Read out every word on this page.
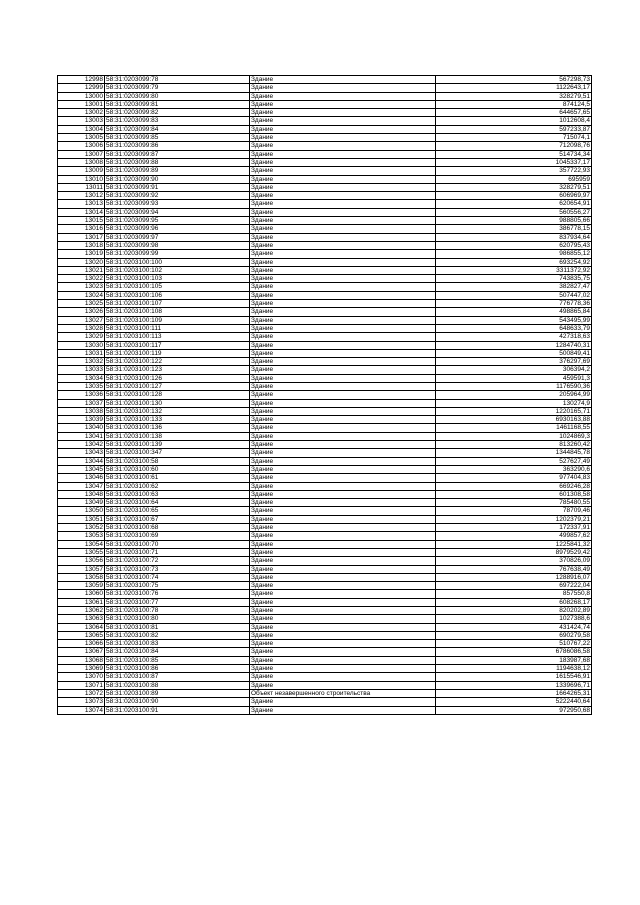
12998	58:31:0203099:78	Здание	567298,73
12999	58:31:0203099:79	Здание	1122643,17
13000	58:31:0203099:80	Здание	328279,51
13001	58:31:0203099:81	Здание	874124,5
13002	58:31:0203099:82	Здание	644657,65
13003	58:31:0203099:83	Здание	1012608,4
13004	58:31:0203099:84	Здание	597233,87
13005	58:31:0203099:85	Здание	715074,1
13006	58:31:0203099:86	Здание	712098,76
13007	58:31:0203099:87	Здание	514734,34
13008	58:31:0203099:88	Здание	1045337,17
13009	58:31:0203099:89	Здание	357722,93
13010	58:31:0203099:90	Здание	695959
13011	58:31:0203099:91	Здание	328279,51
13012	58:31:0203099:92	Здание	606969,97
13013	58:31:0203099:93	Здание	620654,91
13014	58:31:0203099:94	Здание	560556,27
13015	58:31:0203099:95	Здание	988805,66
13016	58:31:0203099:96	Здание	386778,15
13017	58:31:0203099:97	Здание	837934,64
13018	58:31:0203099:98	Здание	620795,43
13019	58:31:0203099:99	Здание	986855,12
13020	58:31:0203100:100	Здание	693254,92
13021	58:31:0203100:102	Здание	3311372,92
13022	58:31:0203100:103	Здание	743835,75
13023	58:31:0203100:105	Здание	382827,47
13024	58:31:0203100:106	Здание	507447,02
13025	58:31:0203100:107	Здание	776778,36
13026	58:31:0203100:108	Здание	498865,84
13027	58:31:0203100:109	Здание	543495,99
13028	58:31:0203100:111	Здание	648633,79
13029	58:31:0203100:113	Здание	427318,63
13030	58:31:0203100:117	Здание	1284740,31
13031	58:31:0203100:119	Здание	500849,41
13032	58:31:0203100:122	Здание	376297,69
13033	58:31:0203100:123	Здание	306394,2
13034	58:31:0203100:126	Здание	459591,3
13035	58:31:0203100:127	Здание	1176590,36
13036	58:31:0203100:128	Здание	205964,99
13037	58:31:0203100:130	Здание	130274,9
13038	58:31:0203100:132	Здание	1220165,71
13039	58:31:0203100:133	Здание	6930163,88
13040	58:31:0203100:136	Здание	1461168,55
13041	58:31:0203100:138	Здание	1024869,3
13042	58:31:0203100:139	Здание	813260,42
13043	58:31:0203100:347	Здание	1344845,78
13044	58:31:0203100:58	Здание	527627,49
13045	58:31:0203100:60	Здание	363290,6
13046	58:31:0203100:61	Здание	977404,83
13047	58:31:0203100:62	Здание	669246,28
13048	58:31:0203100:63	Здание	601308,58
13049	58:31:0203100:64	Здание	785480,55
13050	58:31:0203100:65	Здание	78709,46
13051	58:31:0203100:67	Здание	1202379,21
13052	58:31:0203100:68	Здание	172337,91
13053	58:31:0203100:69	Здание	499857,62
13054	58:31:0203100:70	Здание	1225841,32
13055	58:31:0203100:71	Здание	8979529,42
13056	58:31:0203100:72	Здание	370826,09
13057	58:31:0203100:73	Здание	767638,49
13058	58:31:0203100:74	Здание	1288916,07
13059	58:31:0203100:75	Здание	697222,04
13060	58:31:0203100:76	Здание	857550,8
13061	58:31:0203100:77	Здание	608268,17
13062	58:31:0203100:78	Здание	820202,89
13063	58:31:0203100:80	Здание	1027388,6
13064	58:31:0203100:81	Здание	431424,74
13065	58:31:0203100:82	Здание	690279,58
13066	58:31:0203100:83	Здание	510767,22
13067	58:31:0203100:84	Здание	6786086,58
13068	58:31:0203100:85	Здание	183987,68
13069	58:31:0203100:86	Здание	1194638,12
13070	58:31:0203100:87	Здание	1615546,91
13071	58:31:0203100:88	Здание	1339696,71
13072	58:31:0203100:89	Объект незавершенного строительства	1664265,31
13073	58:31:0203100:90	Здание	5222440,64
13074	58:31:0203100:91	Здание	972950,68
